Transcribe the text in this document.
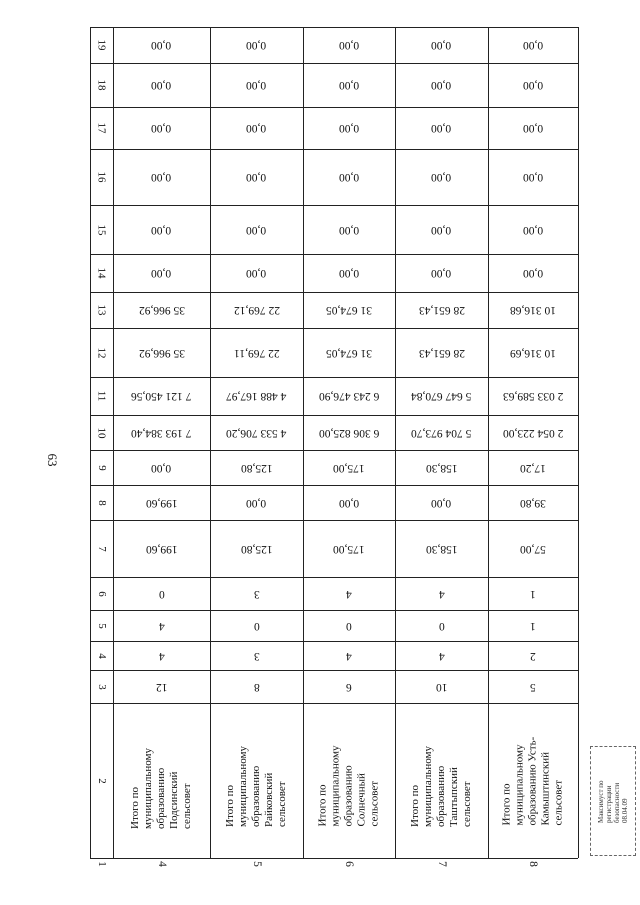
63
19
18
17
16
15
14
13
12
11
10
9
8
7
6
5
4
3
2
1
12
4
4
0
199,60
199,60
0,00
7 193 384,40
7 121 450,56
35 966,92
35 966,92
0,00
0,00
0,00
0,00
0,00
0,00
Итого по муниципальному образованию Подсинский сельсовет
4
8
3
0
3
125,80
0,00
125,80
4 533 706,20
4 488 167,97
22 769,11
22 769,12
0,00
0,00
0,00
0,00
0,00
0,00
Итого по муниципальному образованию Райковский сельсовет
5
6
4
0
4
175,00
0,00
175,00
6 306 825,00
6 243 476,90
31 674,05
31 674,05
0,00
0,00
0,00
0,00
0,00
0,00
Итого по муниципальному образованию Солнечный сельсовет
6
10
4
0
4
158,30
0,00
158,30
5 704 973,70
5 647 670,84
28 651,43
28 651,43
0,00
0,00
0,00
0,00
0,00
0,00
Итого по муниципальному образованию Таштыпский сельсовет
7
5
2
1
1
57,00
39,80
17,20
2 054 223,00
2 033 589,63
10 316,69
10 316,68
0,00
0,00
0,00
0,00
0,00
0,00
Итого по муниципальному образованию Усть-Камыштинский сельсовет
8
Максимуст по регистрации безопасности 08.04.09
